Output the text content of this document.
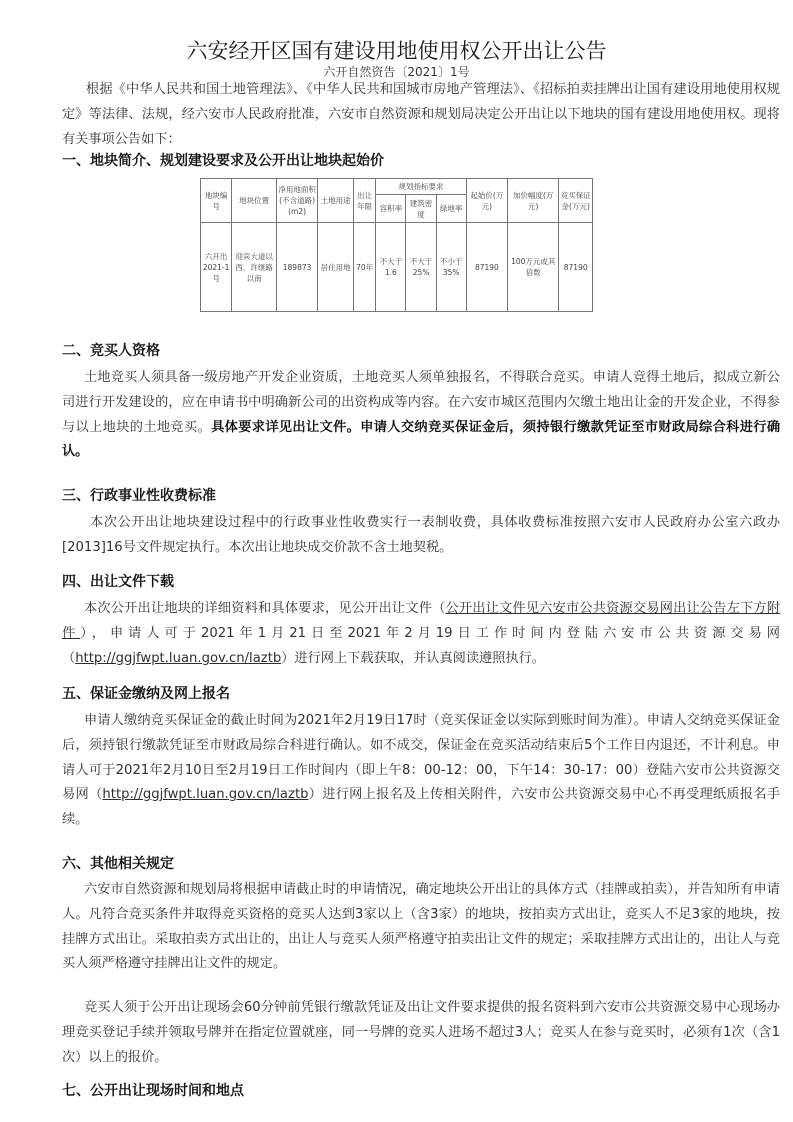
六安经开区国有建设用地使用权公开出让公告
六开自然资告〔2021〕1号
根据《中华人民共和国土地管理法》、《中华人民共和国城市房地产管理法》、《招标拍卖挂牌出让国有建设用地使用权规定》等法律、法规，经六安市人民政府批准，六安市自然资源和规划局决定公开出让以下地块的国有建设用地使用权。现将有关事项公告如下：
一、地块简介、规划建设要求及公开出让地块起始价
地块编号	地块位置	净用地面积(不含道路)(m2)	土地用途	出让年限	规划指标要求			起始价(万元)	加价幅度(万元)	竞买保证金(万元)
					容积率	建筑密度	绿地率			
六开出2021-1号	迎宾大道以西、许继路以南	189873	居住用地	70年	不大于1.6	不大于25%	不小于35%	87190	100万元或其倍数	87190
二、竞买人资格
土地竞买人须具备一级房地产开发企业资质，土地竞买人须单独报名，不得联合竞买。申请人竞得土地后，拟成立新公司进行开发建设的，应在申请书中明确新公司的出资构成等内容。在六安市城区范围内欠缴土地出让金的开发企业，不得参与以上地块的土地竞买。具体要求详见出让文件。申请人交纳竞买保证金后，须持银行缴款凭证至市财政局综合科进行确认。
三、行政事业性收费标准
本次公开出让地块建设过程中的行政事业性收费实行一表制收费，具体收费标准按照六安市人民政府办公室六政办[2013]16号文件规定执行。本次出让地块成交价款不含土地契税。
四、出让文件下载
本次公开出让地块的详细资料和具体要求，见公开出让文件（公开出让文件见六安市公共资源交易网出让公告左下方附件），申请人可于2021年1月21日至2021年2月19日工作时间内登陆六安市公共资源交易网（http://ggjfwpt.luan.gov.cn/laztb）进行网上下载获取，并认真阅读遵照执行。
五、保证金缴纳及网上报名
申请人缴纳竞买保证金的截止时间为2021年2月19日17时（竞买保证金以实际到账时间为准）。申请人交纳竞买保证金后，须持银行缴款凭证至市财政局综合科进行确认。如不成交，保证金在竞买活动结束后5个工作日内退还，不计利息。申请人可于2021年2月10日至2月19日工作时间内（即上午8：00-12：00，下午14：30-17：00）登陆六安市公共资源交易网（http://ggjfwpt.luan.gov.cn/laztb）进行网上报名及上传相关附件，六安市公共资源交易中心不再受理纸质报名手续。
六、其他相关规定
六安市自然资源和规划局将根据申请截止时的申请情况，确定地块公开出让的具体方式（挂牌或拍卖），并告知所有申请人。凡符合竞买条件并取得竞买资格的竞买人达到3家以上（含3家）的地块，按拍卖方式出让，竞买人不足3家的地块，按挂牌方式出让。采取拍卖方式出让的，出让人与竞买人须严格遵守拍卖出让文件的规定；采取挂牌方式出让的，出让人与竞买人须严格遵守挂牌出让文件的规定。
竞买人须于公开出让现场会60分钟前凭银行缴款凭证及出让文件要求提供的报名资料到六安市公共资源交易中心现场办理竞买登记手续并领取号牌并在指定位置就座，同一号牌的竞买人进场不超过3人；竞买人在参与竞买时，必须有1次（含1次）以上的报价。
七、公开出让现场时间和地点
